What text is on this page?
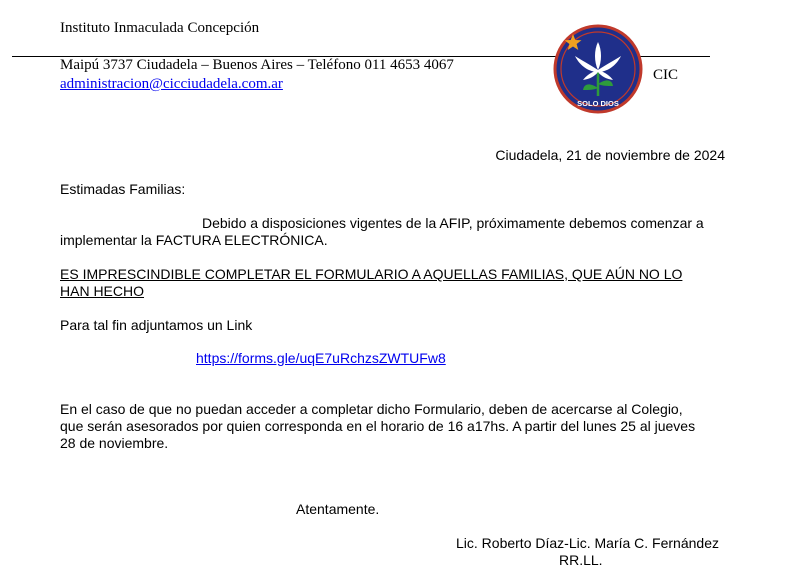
Instituto Inmaculada Concepción
Maipú 3737 Ciudadela – Buenos Aires – Teléfono 011 4653 4067
administracion@cicciudadela.com.ar
SOLO DIOS
CIC
Ciudadela, 21 de noviembre de 2024
Estimadas Familias:
Debido a disposiciones vigentes de la AFIP, próximamente debemos comenzar a
implementar la FACTURA ELECTRÓNICA.
ES IMPRESCINDIBLE COMPLETAR EL FORMULARIO A AQUELLAS FAMILIAS, QUE AÚN NO LO
HAN HECHO
Para tal fin adjuntamos un Link
https://forms.gle/uqE7uRchzsZWTUFw8
En el caso de que no puedan acceder a completar dicho Formulario, deben de acercarse al Colegio,
que serán asesorados por quien corresponda en el horario de 16 a17hs. A partir del lunes 25 al jueves
28 de noviembre.
Atentamente.
Lic. Roberto Díaz-Lic. María C. Fernández
RR.LL.
